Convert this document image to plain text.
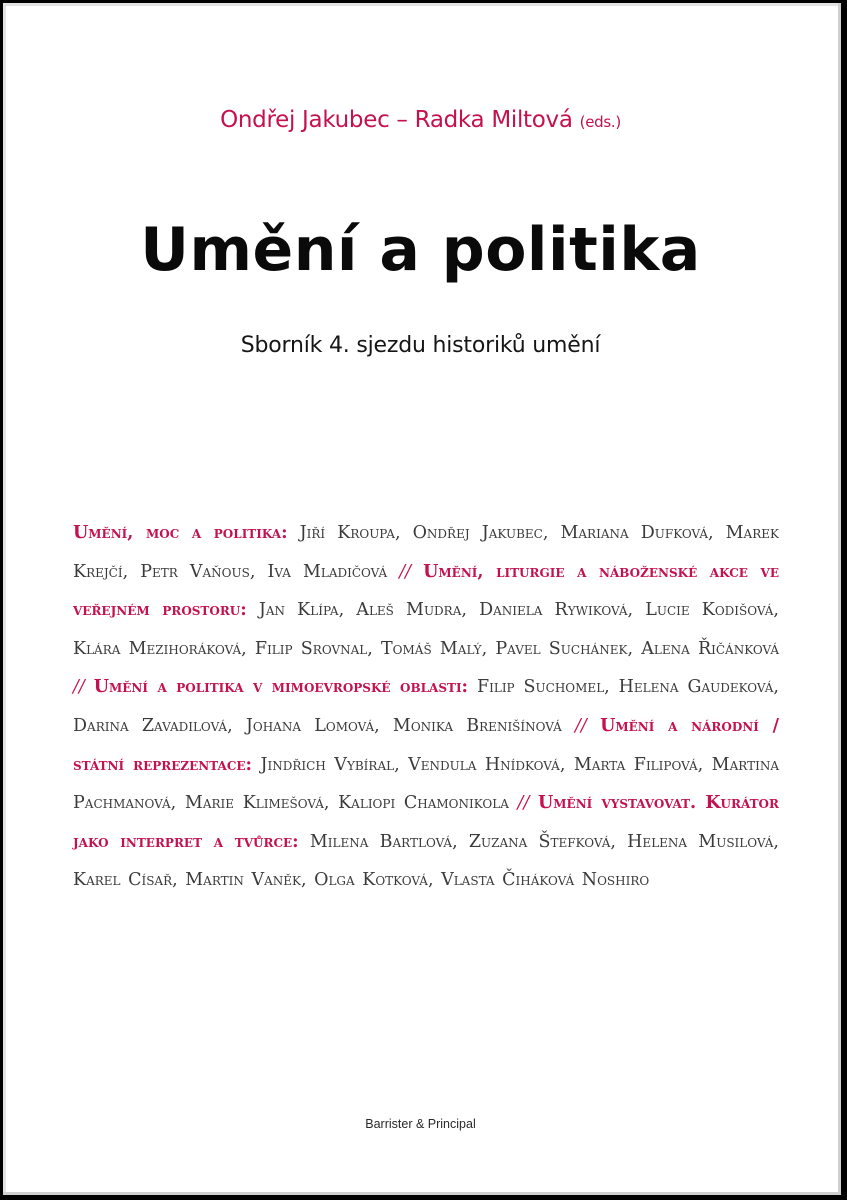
Ondřej Jakubec – Radka Miltová (eds.)
Umění a politika
Sborník 4. sjezdu historiků umění
Umění, moc a politika: Jiří Kroupa, Ondřej Jakubec, Mariana Dufková, Marek Krejčí, Petr Vaňous, Iva Mladičová // Umění, liturgie a náboženské akce ve veřejném prostoru: Jan Klípa, Aleš Mudra, Daniela Rywiková, Lucie Kodišová, Klára Mezihoráková, Filip Srovnal, Tomáš Malý, Pavel Suchánek, Alena Řičánková // Umění a politika v mimoevropské oblasti: Filip Suchomel, Helena Gaudeková, Darina Zavadilová, Johana Lomová, Monika Brenišínová // Umění a národní / státní reprezentace: Jindřich Vybíral, Vendula Hnídková, Marta Filipová, Martina Pachmanová, Marie Klimešová, Kaliopi Chamonikola // Umění vystavovat. Kurátor jako interpret a tvůrce: Milena Bartlová, Zuzana Štefková, Helena Musilová, Karel Císař, Martin Vaněk, Olga Kotková, Vlasta Čiháková Noshiro
Barrister & Principal
